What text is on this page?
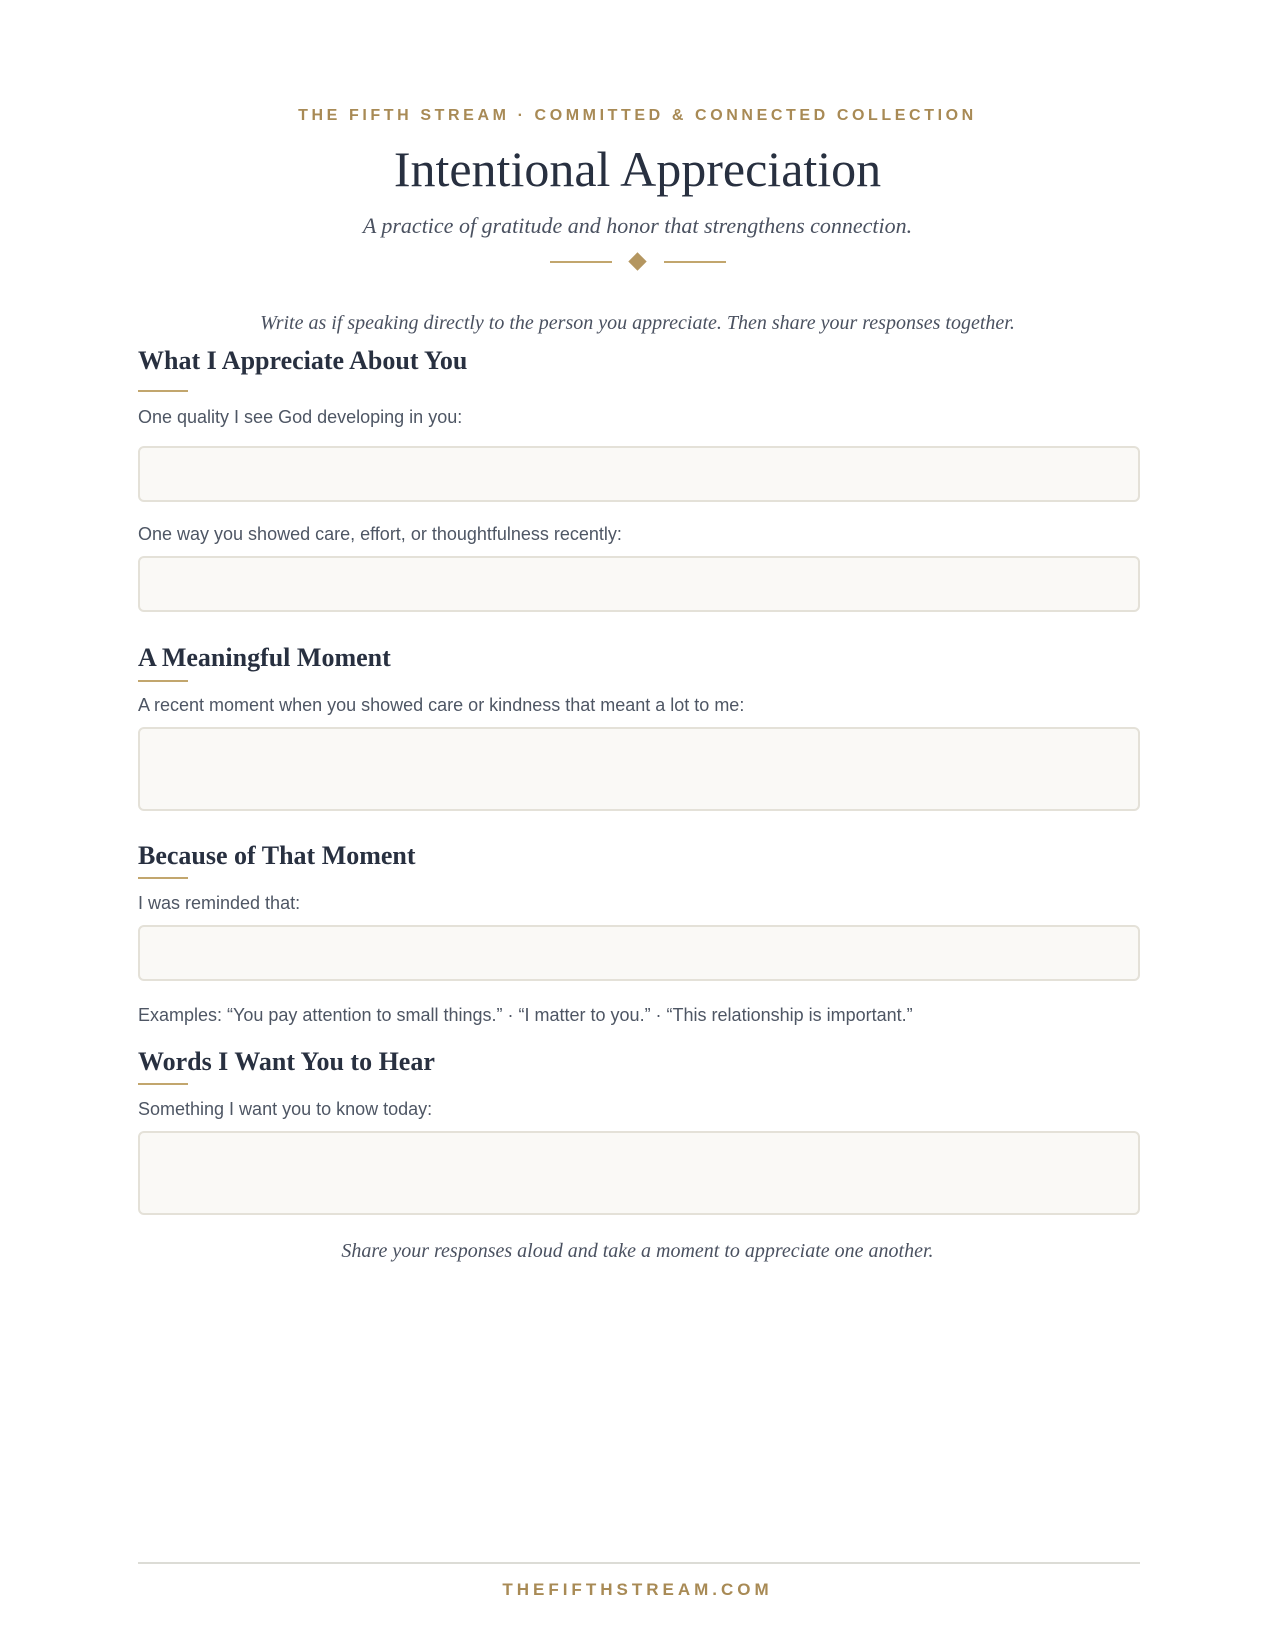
THE FIFTH STREAM · COMMITTED & CONNECTED COLLECTION
Intentional Appreciation
A practice of gratitude and honor that strengthens connection.
Write as if speaking directly to the person you appreciate. Then share your responses together.
What I Appreciate About You
One quality I see God developing in you:
One way you showed care, effort, or thoughtfulness recently:
A Meaningful Moment
A recent moment when you showed care or kindness that meant a lot to me:
Because of That Moment
I was reminded that:
Examples: “You pay attention to small things.” · “I matter to you.” · “This relationship is important.”
Words I Want You to Hear
Something I want you to know today:
Share your responses aloud and take a moment to appreciate one another.
THEFIFTHSTREAM.COM
